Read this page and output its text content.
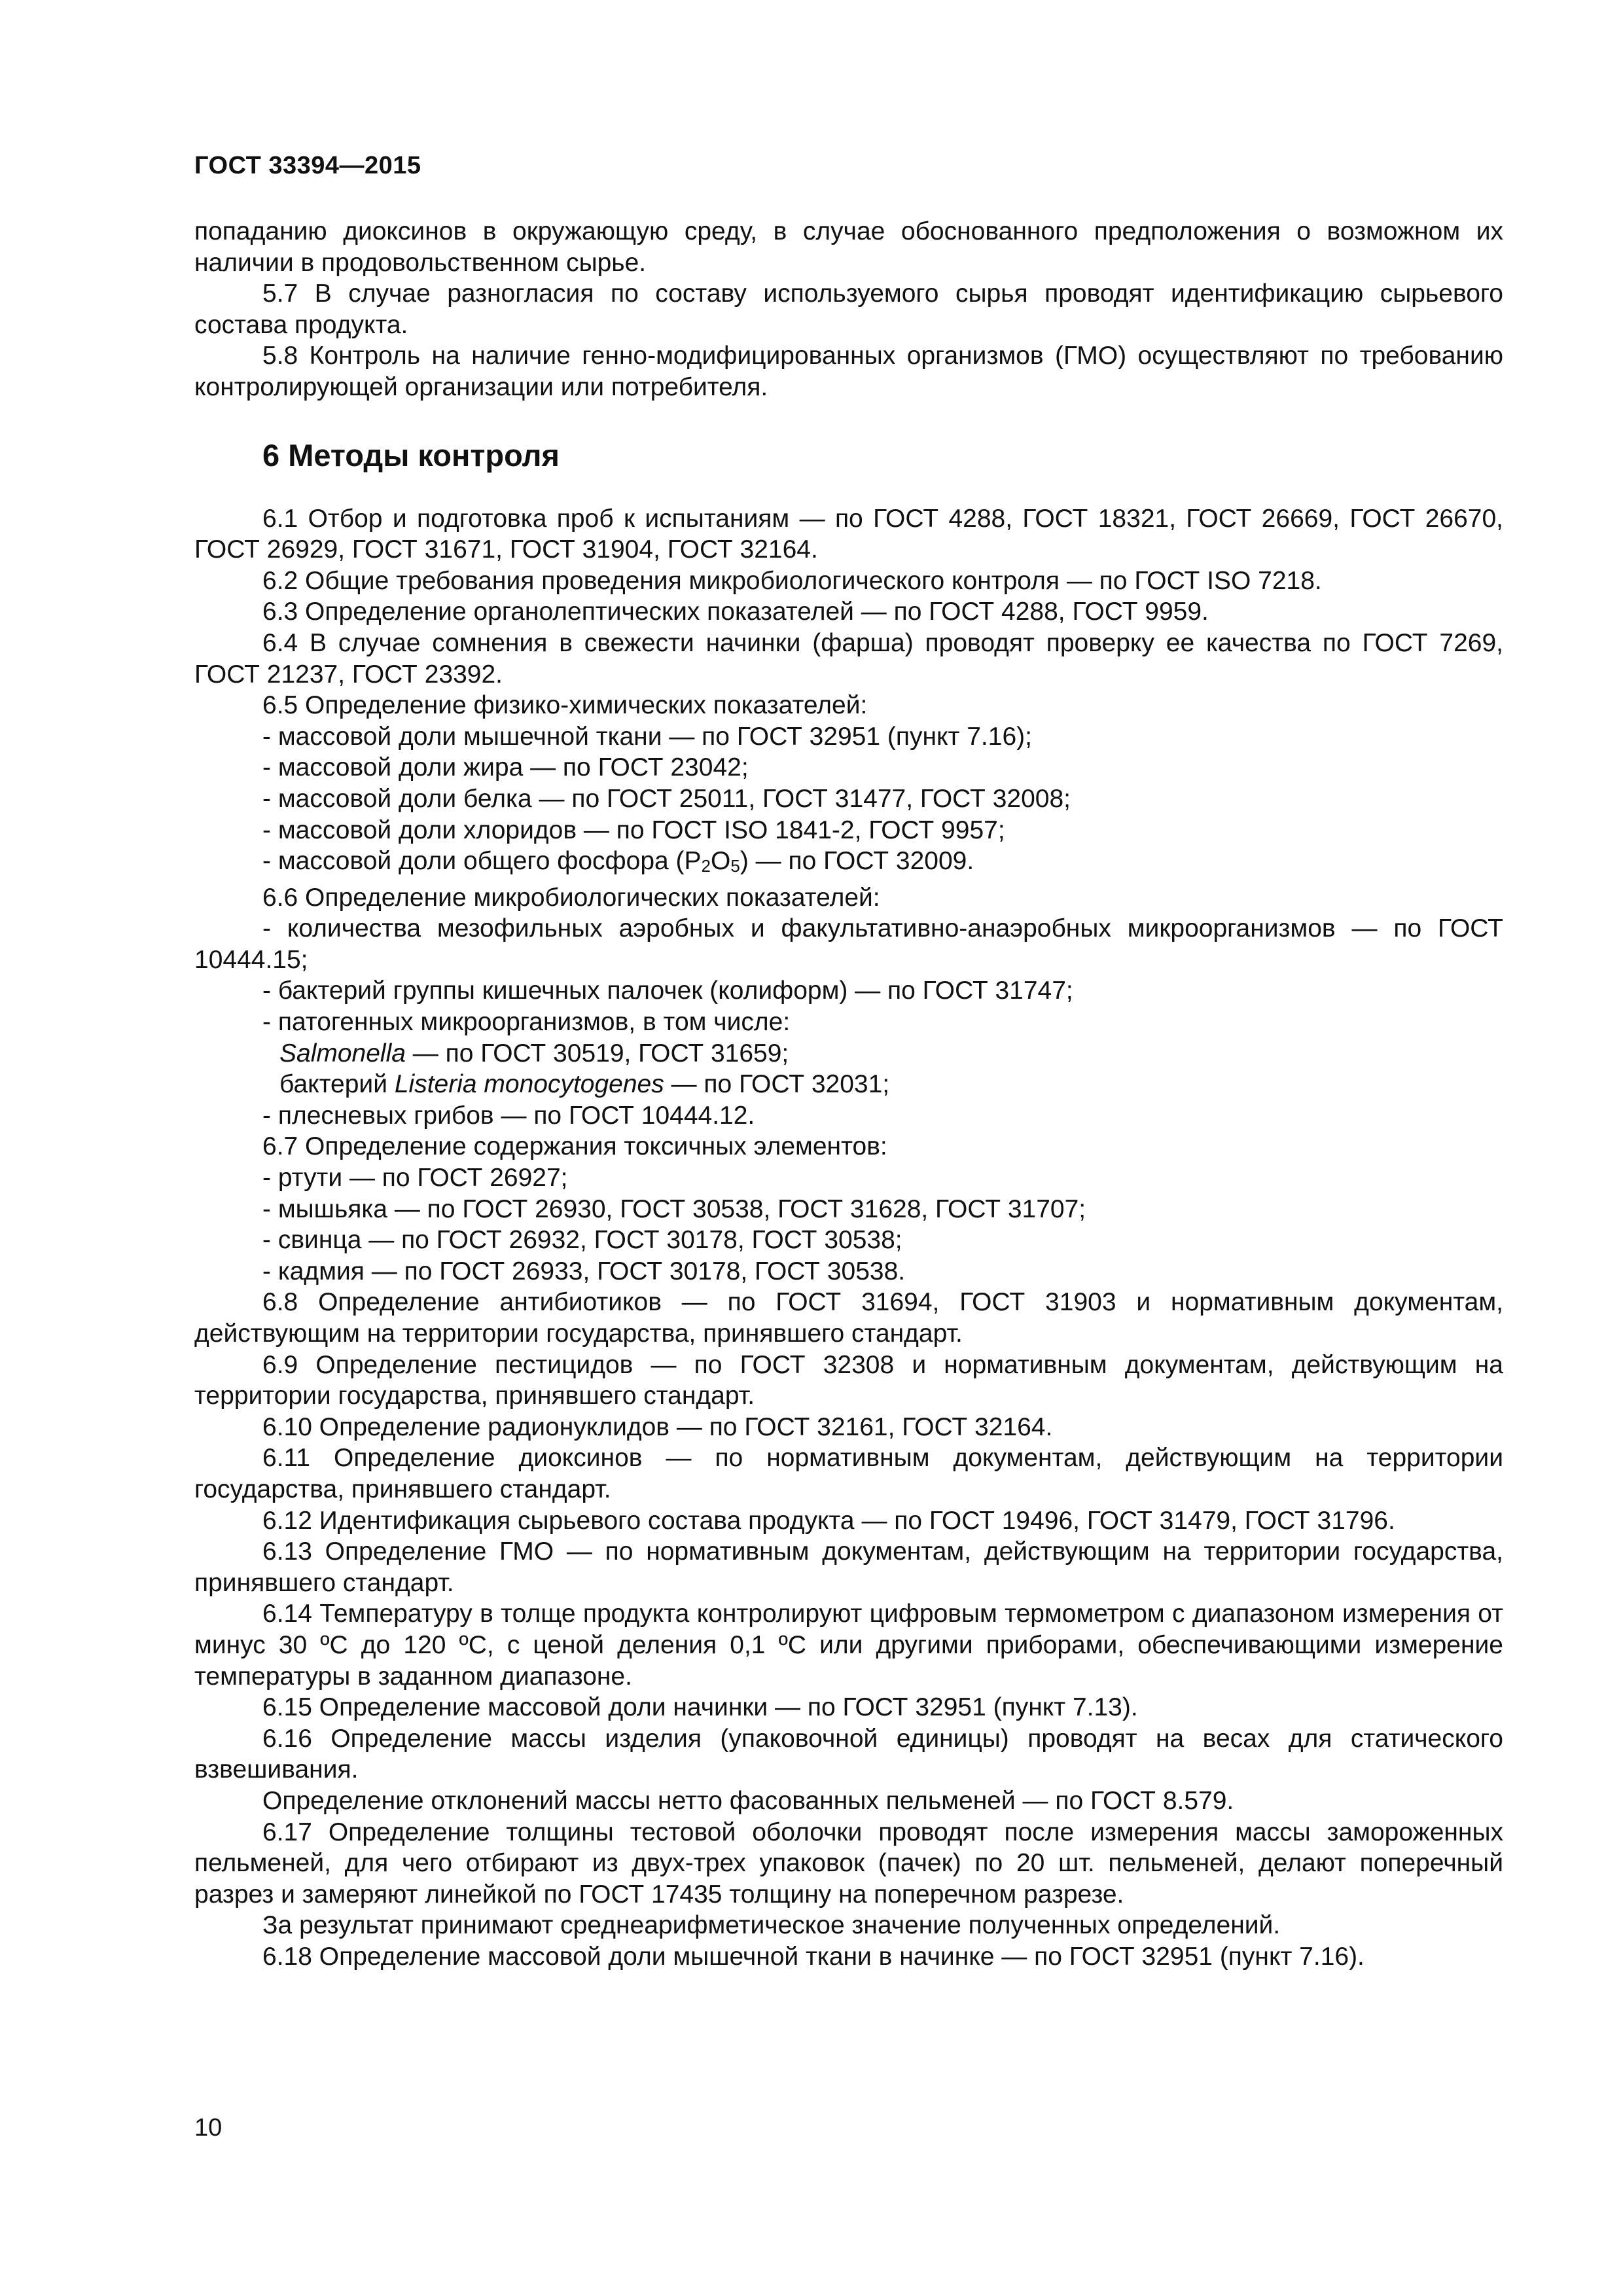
ГОСТ 33394—2015

попаданию диоксинов в окружающую среду, в случае обоснованного предположения о возможном их наличии в продовольственном сырье.

5.7 В случае разногласия по составу используемого сырья проводят идентификацию сырьевого состава продукта.

5.8 Контроль на наличие генно-модифицированных организмов (ГМО) осуществляют по требованию контролирующей организации или потребителя.

6 Методы контроля

6.1 Отбор и подготовка проб к испытаниям — по ГОСТ 4288, ГОСТ 18321, ГОСТ 26669, ГОСТ 26670, ГОСТ 26929, ГОСТ 31671, ГОСТ 31904, ГОСТ 32164.

6.2 Общие требования проведения микробиологического контроля — по ГОСТ ISO 7218.

6.3 Определение органолептических показателей — по ГОСТ 4288, ГОСТ 9959.

6.4 В случае сомнения в свежести начинки (фарша) проводят проверку ее качества по ГОСТ 7269, ГОСТ 21237, ГОСТ 23392.

6.5 Определение физико-химических показателей:

- массовой доли мышечной ткани — по ГОСТ 32951 (пункт 7.16);

- массовой доли жира — по ГОСТ 23042;

- массовой доли белка — по ГОСТ 25011, ГОСТ 31477, ГОСТ 32008;

- массовой доли хлоридов — по ГОСТ ISO 1841-2, ГОСТ 9957;

- массовой доли общего фосфора (P2O5) — по ГОСТ 32009.

6.6 Определение микробиологических показателей:

- количества мезофильных аэробных и факультативно-анаэробных микроорганизмов — по ГОСТ 10444.15;

- бактерий группы кишечных палочек (колиформ) — по ГОСТ 31747;

- патогенных микроорганизмов, в том числе:

Salmonella — по ГОСТ 30519, ГОСТ 31659;

бактерий Listeria monocytogenes — по ГОСТ 32031;

- плесневых грибов — по ГОСТ 10444.12.

6.7 Определение содержания токсичных элементов:

- ртути — по ГОСТ 26927;

- мышьяка — по ГОСТ 26930, ГОСТ 30538, ГОСТ 31628, ГОСТ 31707;

- свинца — по ГОСТ 26932, ГОСТ 30178, ГОСТ 30538;

- кадмия — по ГОСТ 26933, ГОСТ 30178, ГОСТ 30538.

6.8 Определение антибиотиков — по ГОСТ 31694, ГОСТ 31903 и нормативным документам, действующим на территории государства, принявшего стандарт.

6.9 Определение пестицидов — по ГОСТ 32308 и нормативным документам, действующим на территории государства, принявшего стандарт.

6.10 Определение радионуклидов — по ГОСТ 32161, ГОСТ 32164.

6.11 Определение диоксинов — по нормативным документам, действующим на территории государства, принявшего стандарт.

6.12 Идентификация сырьевого состава продукта — по ГОСТ 19496, ГОСТ 31479, ГОСТ 31796.

6.13 Определение ГМО — по нормативным документам, действующим на территории государства, принявшего стандарт.

6.14 Температуру в толще продукта контролируют цифровым термометром с диапазоном измерения от минус 30 ºС до 120 ºС, с ценой деления 0,1 ºС или другими приборами, обеспечивающими измерение температуры в заданном диапазоне.

6.15 Определение массовой доли начинки — по ГОСТ 32951 (пункт 7.13).

6.16 Определение массы изделия (упаковочной единицы) проводят на весах для статического взвешивания.

Определение отклонений массы нетто фасованных пельменей — по ГОСТ 8.579.

6.17 Определение толщины тестовой оболочки проводят после измерения массы замороженных пельменей, для чего отбирают из двух-трех упаковок (пачек) по 20 шт. пельменей, делают поперечный разрез и замеряют линейкой по ГОСТ 17435 толщину на поперечном разрезе.

За результат принимают среднеарифметическое значение полученных определений.

6.18 Определение массовой доли мышечной ткани в начинке — по ГОСТ 32951 (пункт 7.16).

10
